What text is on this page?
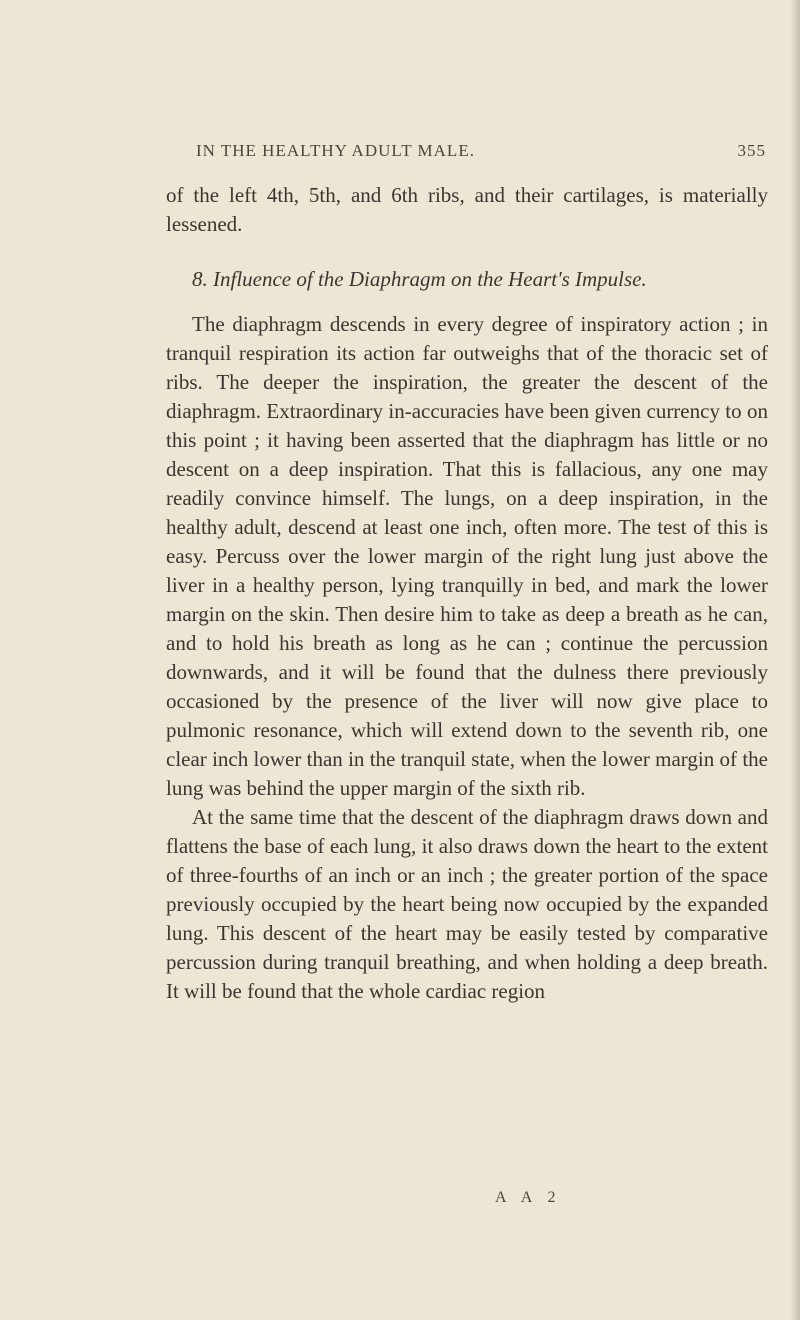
IN THE HEALTHY ADULT MALE.	355

of the left 4th, 5th, and 6th ribs, and their cartilages, is materially lessened.

8. Influence of the Diaphragm on the Heart's Impulse.

The diaphragm descends in every degree of inspiratory action ; in tranquil respiration its action far outweighs that of the thoracic set of ribs. The deeper the inspiration, the greater the descent of the diaphragm. Extraordinary in-accuracies have been given currency to on this point ; it having been asserted that the diaphragm has little or no descent on a deep inspiration. That this is fallacious, any one may readily convince himself. The lungs, on a deep inspiration, in the healthy adult, descend at least one inch, often more. The test of this is easy. Percuss over the lower margin of the right lung just above the liver in a healthy person, lying tranquilly in bed, and mark the lower margin on the skin. Then desire him to take as deep a breath as he can, and to hold his breath as long as he can ; continue the percussion downwards, and it will be found that the dulness there previously occasioned by the presence of the liver will now give place to pulmonic resonance, which will extend down to the seventh rib, one clear inch lower than in the tranquil state, when the lower margin of the lung was behind the upper margin of the sixth rib.

At the same time that the descent of the diaphragm draws down and flattens the base of each lung, it also draws down the heart to the extent of three-fourths of an inch or an inch ; the greater portion of the space previously occupied by the heart being now occupied by the expanded lung. This descent of the heart may be easily tested by comparative percussion during tranquil breathing, and when holding a deep breath. It will be found that the whole cardiac region

A A 2
